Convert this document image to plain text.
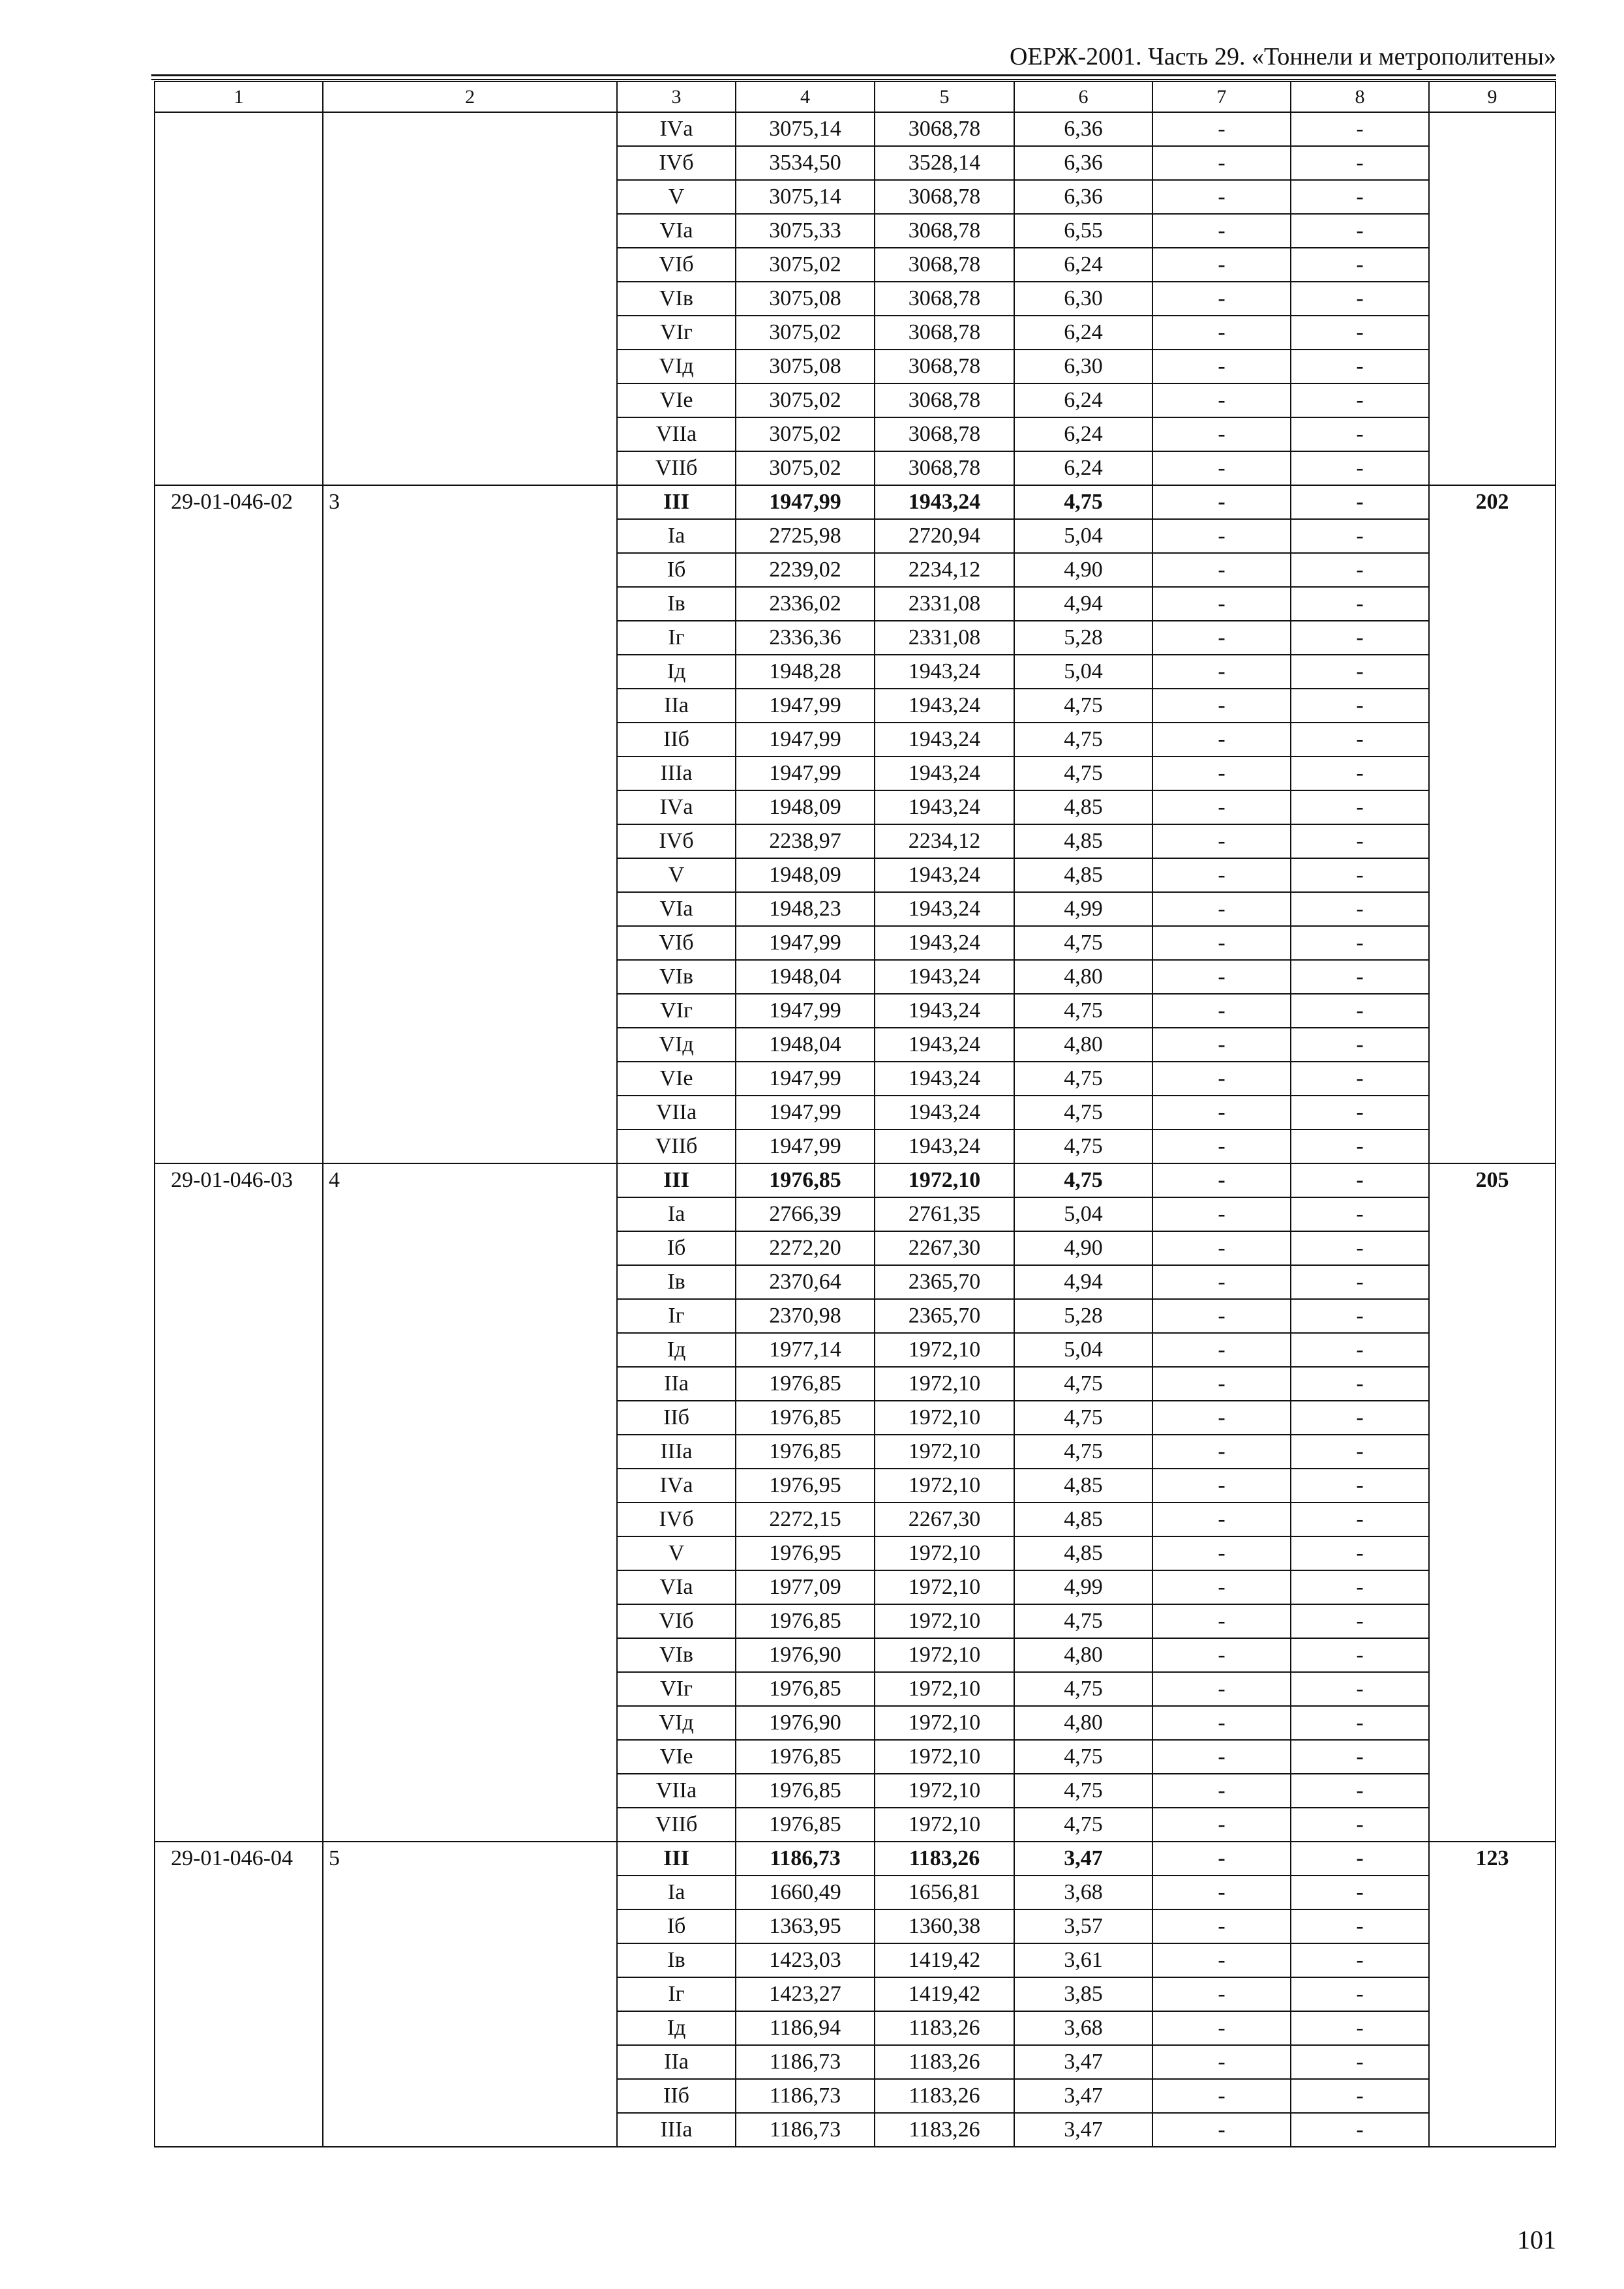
ОЕРЖ-2001. Часть 29. «Тоннели и метрополитены»
1	2	3	4	5	6	7	8	9
		IVа	3075,14	3068,78	6,36	-	-	
		IVб	3534,50	3528,14	6,36	-	-	
		V	3075,14	3068,78	6,36	-	-	
		VIа	3075,33	3068,78	6,55	-	-	
		VIб	3075,02	3068,78	6,24	-	-	
		VIв	3075,08	3068,78	6,30	-	-	
		VIг	3075,02	3068,78	6,24	-	-	
		VIд	3075,08	3068,78	6,30	-	-	
		VIе	3075,02	3068,78	6,24	-	-	
		VIIа	3075,02	3068,78	6,24	-	-	
		VIIб	3075,02	3068,78	6,24	-	-	
29-01-046-02	3	III	1947,99	1943,24	4,75	-	-	202
		Iа	2725,98	2720,94	5,04	-	-	
		Iб	2239,02	2234,12	4,90	-	-	
		Iв	2336,02	2331,08	4,94	-	-	
		Iг	2336,36	2331,08	5,28	-	-	
		Iд	1948,28	1943,24	5,04	-	-	
		IIа	1947,99	1943,24	4,75	-	-	
		IIб	1947,99	1943,24	4,75	-	-	
		IIIа	1947,99	1943,24	4,75	-	-	
		IVа	1948,09	1943,24	4,85	-	-	
		IVб	2238,97	2234,12	4,85	-	-	
		V	1948,09	1943,24	4,85	-	-	
		VIа	1948,23	1943,24	4,99	-	-	
		VIб	1947,99	1943,24	4,75	-	-	
		VIв	1948,04	1943,24	4,80	-	-	
		VIг	1947,99	1943,24	4,75	-	-	
		VIд	1948,04	1943,24	4,80	-	-	
		VIе	1947,99	1943,24	4,75	-	-	
		VIIа	1947,99	1943,24	4,75	-	-	
		VIIб	1947,99	1943,24	4,75	-	-	
29-01-046-03	4	III	1976,85	1972,10	4,75	-	-	205
		Iа	2766,39	2761,35	5,04	-	-	
		Iб	2272,20	2267,30	4,90	-	-	
		Iв	2370,64	2365,70	4,94	-	-	
		Iг	2370,98	2365,70	5,28	-	-	
		Iд	1977,14	1972,10	5,04	-	-	
		IIа	1976,85	1972,10	4,75	-	-	
		IIб	1976,85	1972,10	4,75	-	-	
		IIIа	1976,85	1972,10	4,75	-	-	
		IVа	1976,95	1972,10	4,85	-	-	
		IVб	2272,15	2267,30	4,85	-	-	
		V	1976,95	1972,10	4,85	-	-	
		VIа	1977,09	1972,10	4,99	-	-	
		VIб	1976,85	1972,10	4,75	-	-	
		VIв	1976,90	1972,10	4,80	-	-	
		VIг	1976,85	1972,10	4,75	-	-	
		VIд	1976,90	1972,10	4,80	-	-	
		VIе	1976,85	1972,10	4,75	-	-	
		VIIа	1976,85	1972,10	4,75	-	-	
		VIIб	1976,85	1972,10	4,75	-	-	
29-01-046-04	5	III	1186,73	1183,26	3,47	-	-	123
		Iа	1660,49	1656,81	3,68	-	-	
		Iб	1363,95	1360,38	3,57	-	-	
		Iв	1423,03	1419,42	3,61	-	-	
		Iг	1423,27	1419,42	3,85	-	-	
		Iд	1186,94	1183,26	3,68	-	-	
		IIа	1186,73	1183,26	3,47	-	-	
		IIб	1186,73	1183,26	3,47	-	-	
		IIIа	1186,73	1183,26	3,47	-	-	
101
